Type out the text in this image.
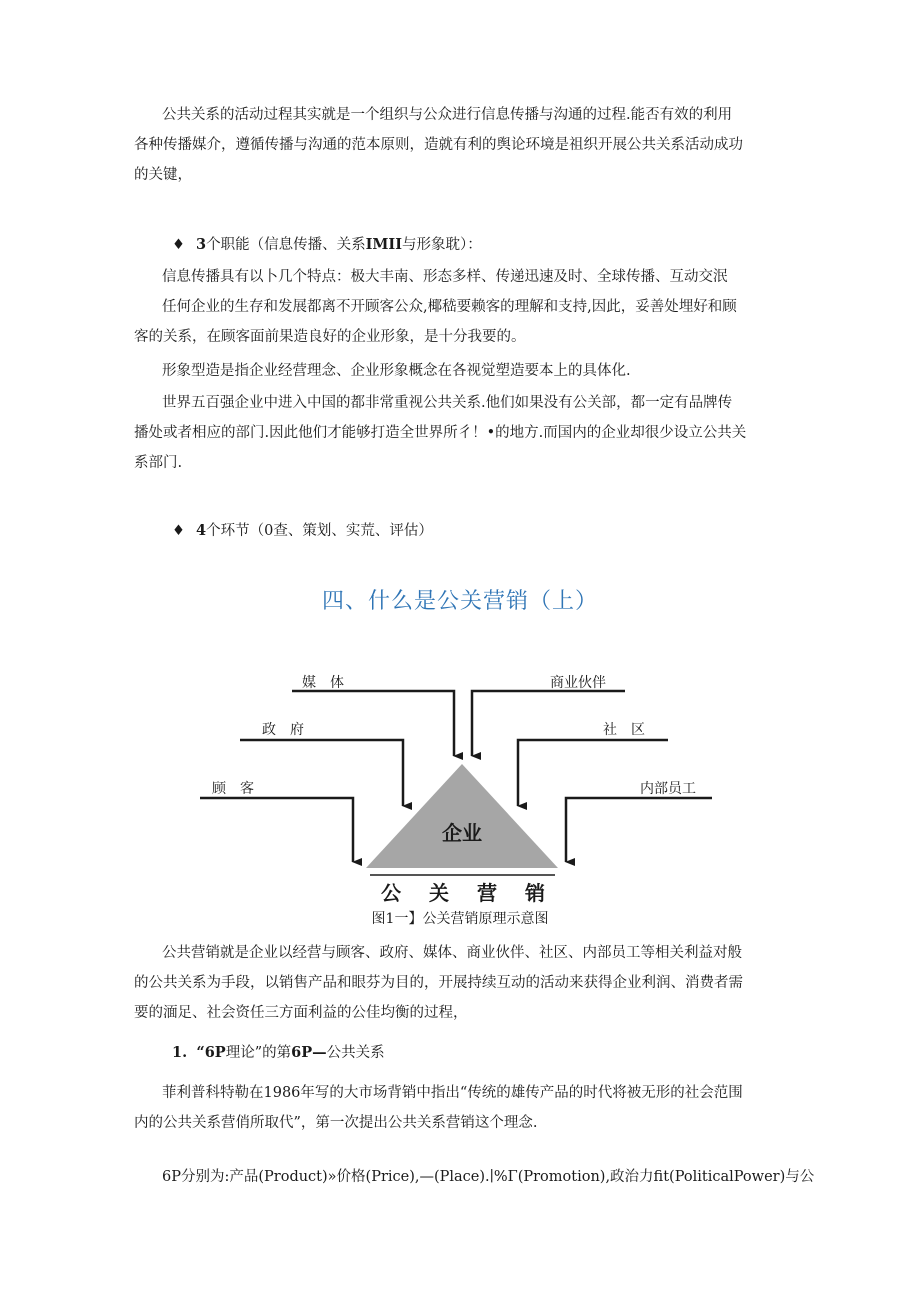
公共关系的活动过程其实就是一个组织与公众进行信息传播与沟通的过程.能否有效的利用
各种传播媒介，遵循传播与沟通的范本原则，造就有利的舆论环境是祖织开展公共关系活动成功
的关键，

♦ 3个职能（信息传播、关系IMII与形象耽）：

信息传播具有以卜几个特点：极大丰南、形态多样、传递迅速及时、全球传播、互动交泯

任何企业的生存和发展都离不开顾客公众,椰嵇要赖客的理解和支持,因此，妥善处埋好和顾
客的关系，在顾客面前果造良好的企业形象，是十分我要的。

形象型造是指企业经营理念、企业形象概念在各视觉塑造要本上的具体化.

世界五百强企业中进入中国的都非常重视公共关系.他们如果没有公关部，都一定有品牌传
播处或者相应的部门.因此他们才能够打造全世界所彳！•的地方.而国内的企业却很少设立公共关
系部门.

♦ 4个环节（0查、策划、实荒、评估）
四、什么是公关营销（上）
企业
公　关　营　销
媒　体
政　府
顾　客
商业伙伴
社　区
内部员工
图1一】公关营销原理示意图

公共营销就是企业以经营与顾客、政府、媒体、商业伙伴、社区、内部员工等相关利益对般
的公共关系为手段，以销售产品和眼芬为目的，开展持续互动的活动来获得企业利润、消费者需
要的湎足、社会资任三方面利益的公佳均衡的过程，

1. “6P理论”的第6P—公共关系

菲利普科特勒在1986年写的大市场背销中指出“传统的雄传产品的时代将被无形的社会范围
内的公共关系营俏所取代”，第一次提出公共关系营销这个理念.

6P分别为:产品(Product)»价格(Price),—(Place).∣%Γ(Promotion),政治力fit(PoliticalPower)与公
